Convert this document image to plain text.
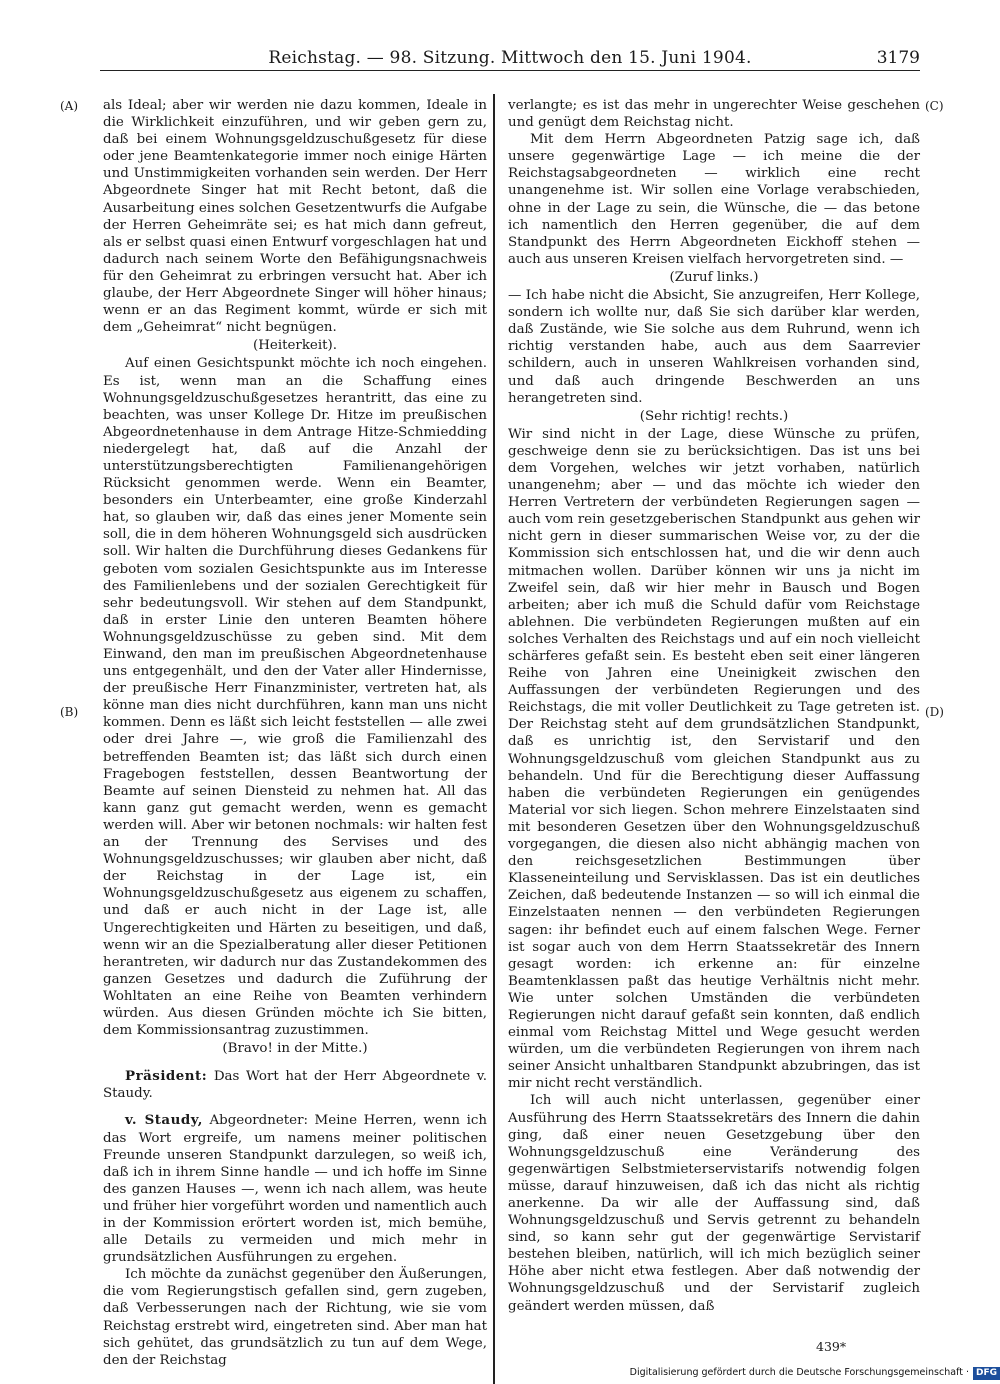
Reichstag. — 98. Sitzung. Mittwoch den 15. Juni 1904.	3179
(A)
(B)
(C)
(D)

als Ideal; aber wir werden nie dazu kommen, Ideale in die Wirklichkeit einzuführen, und wir geben gern zu, daß bei einem Wohnungsgeldzuschußgesetz für diese oder jene Beamtenkategorie immer noch einige Härten und Unstimmigkeiten vorhanden sein werden. Der Herr Abgeordnete Singer hat mit Recht betont, daß die Ausarbeitung eines solchen Gesetzentwurfs die Aufgabe der Herren Geheimräte sei; es hat mich dann gefreut, als er selbst quasi einen Entwurf vorgeschlagen hat und dadurch nach seinem Worte den Befähigungsnachweis für den Geheimrat zu erbringen versucht hat. Aber ich glaube, der Herr Abgeordnete Singer will höher hinaus; wenn er an das Regiment kommt, würde er sich mit dem „Geheimrat“ nicht begnügen.

(Heiterkeit).

Auf einen Gesichtspunkt möchte ich noch eingehen. Es ist, wenn man an die Schaffung eines Wohnungsgeldzuschußgesetzes herantritt, das eine zu beachten, was unser Kollege Dr. Hitze im preußischen Abgeordnetenhause in dem Antrage Hitze-Schmiedding niedergelegt hat, daß auf die Anzahl der unterstützungsberechtigten Familienangehörigen Rücksicht genommen werde. Wenn ein Beamter, besonders ein Unterbeamter, eine große Kinderzahl hat, so glauben wir, daß das eines jener Momente sein soll, die in dem höheren Wohnungsgeld sich ausdrücken soll. Wir halten die Durchführung dieses Gedankens für geboten vom sozialen Gesichtspunkte aus im Interesse des Familienlebens und der sozialen Gerechtigkeit für sehr bedeutungsvoll. Wir stehen auf dem Standpunkt, daß in erster Linie den unteren Beamten höhere Wohnungsgeldzuschüsse zu geben sind. Mit dem Einwand, den man im preußischen Abgeordnetenhause uns entgegenhält, und den der Vater aller Hindernisse, der preußische Herr Finanzminister, vertreten hat, als könne man dies nicht durchführen, kann man uns nicht kommen. Denn es läßt sich leicht feststellen — alle zwei oder drei Jahre —, wie groß die Familienzahl des betreffenden Beamten ist; das läßt sich durch einen Fragebogen feststellen, dessen Beantwortung der Beamte auf seinen Diensteid zu nehmen hat. All das kann ganz gut gemacht werden, wenn es gemacht werden will. Aber wir betonen nochmals: wir halten fest an der Trennung des Servises und des Wohnungsgeldzuschusses; wir glauben aber nicht, daß der Reichstag in der Lage ist, ein Wohnungsgeldzuschußgesetz aus eigenem zu schaffen, und daß er auch nicht in der Lage ist, alle Ungerechtigkeiten und Härten zu beseitigen, und daß, wenn wir an die Spezialberatung aller dieser Petitionen herantreten, wir dadurch nur das Zustandekommen des ganzen Gesetzes und dadurch die Zuführung der Wohltaten an eine Reihe von Beamten verhindern würden. Aus diesen Gründen möchte ich Sie bitten, dem Kommissionsantrag zuzustimmen.

(Bravo! in der Mitte.)

Präsident: Das Wort hat der Herr Abgeordnete v. Staudy.

v. Staudy, Abgeordneter: Meine Herren, wenn ich das Wort ergreife, um namens meiner politischen Freunde unseren Standpunkt darzulegen, so weiß ich, daß ich in ihrem Sinne handle — und ich hoffe im Sinne des ganzen Hauses —, wenn ich nach allem, was heute und früher hier vorgeführt worden und namentlich auch in der Kommission erörtert worden ist, mich bemühe, alle Details zu vermeiden und mich mehr in grundsätzlichen Ausführungen zu ergehen.

Ich möchte da zunächst gegenüber den Äußerungen, die vom Regierungstisch gefallen sind, gern zugeben, daß Verbesserungen nach der Richtung, wie sie vom Reichstag erstrebt wird, eingetreten sind. Aber man hat sich gehütet, das grundsätzlich zu tun auf dem Wege, den der Reichstag

verlangte; es ist das mehr in ungerechter Weise geschehen und genügt dem Reichstag nicht.

Mit dem Herrn Abgeordneten Patzig sage ich, daß unsere gegenwärtige Lage — ich meine die der Reichstagsabgeordneten — wirklich eine recht unangenehme ist. Wir sollen eine Vorlage verabschieden, ohne in der Lage zu sein, die Wünsche, die — das betone ich namentlich den Herren gegenüber, die auf dem Standpunkt des Herrn Abgeordneten Eickhoff stehen — auch aus unseren Kreisen vielfach hervorgetreten sind. —

(Zuruf links.)

— Ich habe nicht die Absicht, Sie anzugreifen, Herr Kollege, sondern ich wollte nur, daß Sie sich darüber klar werden, daß Zustände, wie Sie solche aus dem Ruhrund, wenn ich richtig verstanden habe, auch aus dem Saarrevier schildern, auch in unseren Wahlkreisen vorhanden sind, und daß auch dringende Beschwerden an uns herangetreten sind.

(Sehr richtig! rechts.)

Wir sind nicht in der Lage, diese Wünsche zu prüfen, geschweige denn sie zu berücksichtigen. Das ist uns bei dem Vorgehen, welches wir jetzt vorhaben, natürlich unangenehm; aber — und das möchte ich wieder den Herren Vertretern der verbündeten Regierungen sagen — auch vom rein gesetzgeberischen Standpunkt aus gehen wir nicht gern in dieser summarischen Weise vor, zu der die Kommission sich entschlossen hat, und die wir denn auch mitmachen wollen. Darüber können wir uns ja nicht im Zweifel sein, daß wir hier mehr in Bausch und Bogen arbeiten; aber ich muß die Schuld dafür vom Reichstage ablehnen. Die verbündeten Regierungen mußten auf ein solches Verhalten des Reichstags und auf ein noch vielleicht schärferes gefaßt sein. Es besteht eben seit einer längeren Reihe von Jahren eine Uneinigkeit zwischen den Auffassungen der verbündeten Regierungen und des Reichstags, die mit voller Deutlichkeit zu Tage getreten ist. Der Reichstag steht auf dem grundsätzlichen Standpunkt, daß es unrichtig ist, den Servistarif und den Wohnungsgeldzuschuß vom gleichen Standpunkt aus zu behandeln. Und für die Berechtigung dieser Auffassung haben die verbündeten Regierungen ein genügendes Material vor sich liegen. Schon mehrere Einzelstaaten sind mit besonderen Gesetzen über den Wohnungsgeldzuschuß vorgegangen, die diesen also nicht abhängig machen von den reichsgesetzlichen Bestimmungen über Klasseneinteilung und Servisklassen. Das ist ein deutliches Zeichen, daß bedeutende Instanzen — so will ich einmal die Einzelstaaten nennen — den verbündeten Regierungen sagen: ihr befindet euch auf einem falschen Wege. Ferner ist sogar auch von dem Herrn Staatssekretär des Innern gesagt worden: ich erkenne an: für einzelne Beamtenklassen paßt das heutige Verhältnis nicht mehr. Wie unter solchen Umständen die verbündeten Regierungen nicht darauf gefaßt sein konnten, daß endlich einmal vom Reichstag Mittel und Wege gesucht werden würden, um die verbündeten Regierungen von ihrem nach seiner Ansicht unhaltbaren Standpunkt abzubringen, das ist mir nicht recht verständlich.

Ich will auch nicht unterlassen, gegenüber einer Ausführung des Herrn Staatssekretärs des Innern die dahin ging, daß einer neuen Gesetzgebung über den Wohnungsgeldzuschuß eine Veränderung des gegenwärtigen Selbstmieterservistarifs notwendig folgen müsse, darauf hinzuweisen, daß ich das nicht als richtig anerkenne. Da wir alle der Auffassung sind, daß Wohnungsgeldzuschuß und Servis getrennt zu behandeln sind, so kann sehr gut der gegenwärtige Servistarif bestehen bleiben, natürlich, will ich mich bezüglich seiner Höhe aber nicht etwa festlegen. Aber daß notwendig der Wohnungsgeldzuschuß und der Servistarif zugleich geändert werden müssen, daß

439*
Digitalisierung gefördert durch die Deutsche Forschungsgemeinschaft · DFG
